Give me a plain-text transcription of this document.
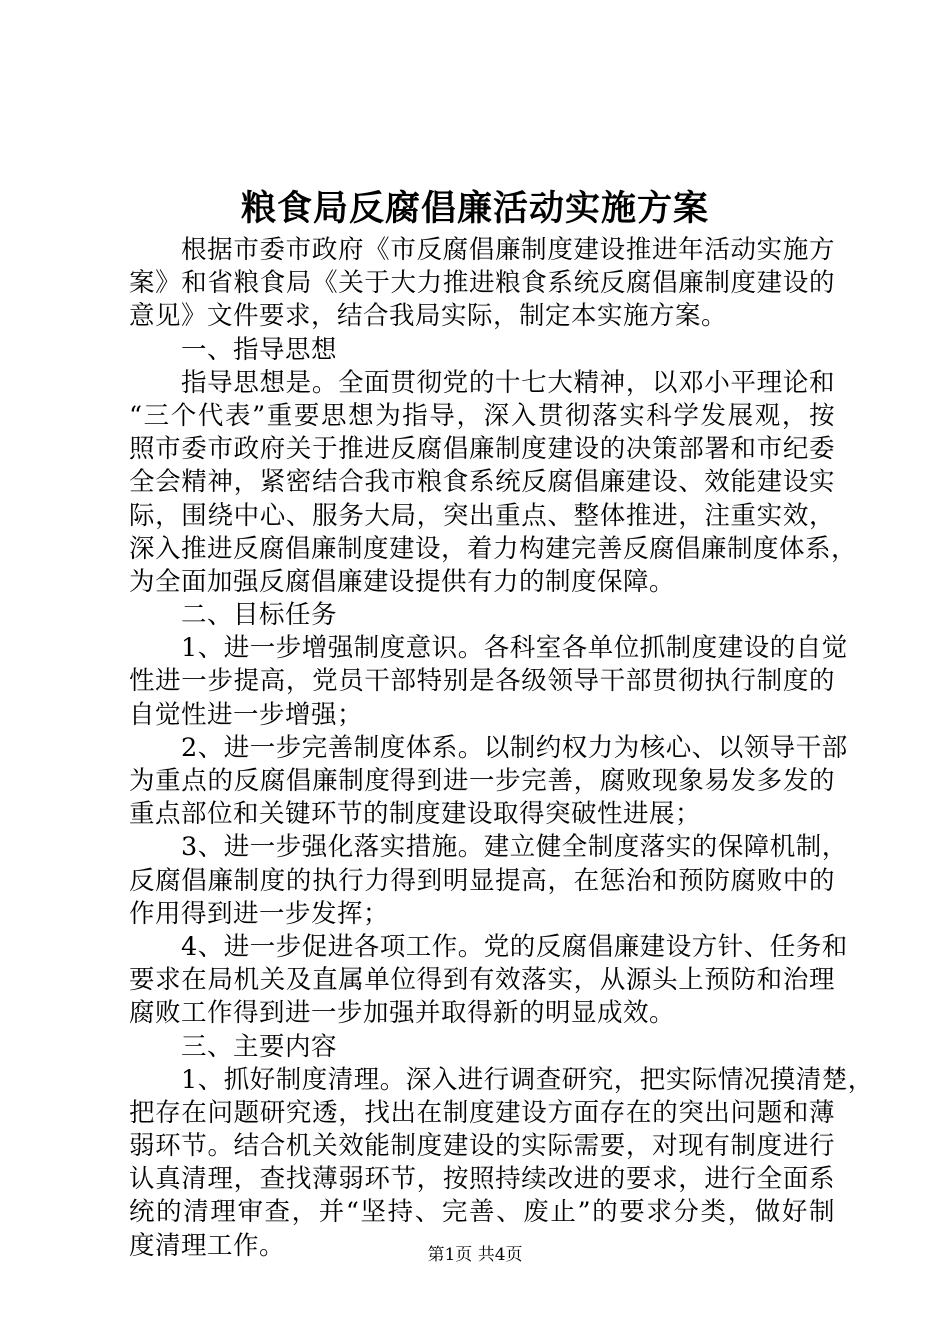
粮食局反腐倡廉活动实施方案
根据市委市政府《市反腐倡廉制度建设推进年活动实施方
案》和省粮食局《关于大力推进粮食系统反腐倡廉制度建设的
意见》文件要求，结合我局实际，制定本实施方案。
一、指导思想
指导思想是。全面贯彻党的十七大精神，以邓小平理论和
“三个代表”重要思想为指导，深入贯彻落实科学发展观，按
照市委市政府关于推进反腐倡廉制度建设的决策部署和市纪委
全会精神，紧密结合我市粮食系统反腐倡廉建设、效能建设实
际，围绕中心、服务大局，突出重点、整体推进，注重实效，
深入推进反腐倡廉制度建设，着力构建完善反腐倡廉制度体系，
为全面加强反腐倡廉建设提供有力的制度保障。
二、目标任务
1、进一步增强制度意识。各科室各单位抓制度建设的自觉
性进一步提高，党员干部特别是各级领导干部贯彻执行制度的
自觉性进一步增强；
2、进一步完善制度体系。以制约权力为核心、以领导干部
为重点的反腐倡廉制度得到进一步完善，腐败现象易发多发的
重点部位和关键环节的制度建设取得突破性进展；
3、进一步强化落实措施。建立健全制度落实的保障机制，
反腐倡廉制度的执行力得到明显提高，在惩治和预防腐败中的
作用得到进一步发挥；
4、进一步促进各项工作。党的反腐倡廉建设方针、任务和
要求在局机关及直属单位得到有效落实，从源头上预防和治理
腐败工作得到进一步加强并取得新的明显成效。
三、主要内容
1、抓好制度清理。深入进行调查研究，把实际情况摸清楚，
把存在问题研究透，找出在制度建设方面存在的突出问题和薄
弱环节。结合机关效能制度建设的实际需要，对现有制度进行
认真清理，查找薄弱环节，按照持续改进的要求，进行全面系
统的清理审查，并“坚持、完善、废止”的要求分类，做好制
度清理工作。	第1页 共4页
